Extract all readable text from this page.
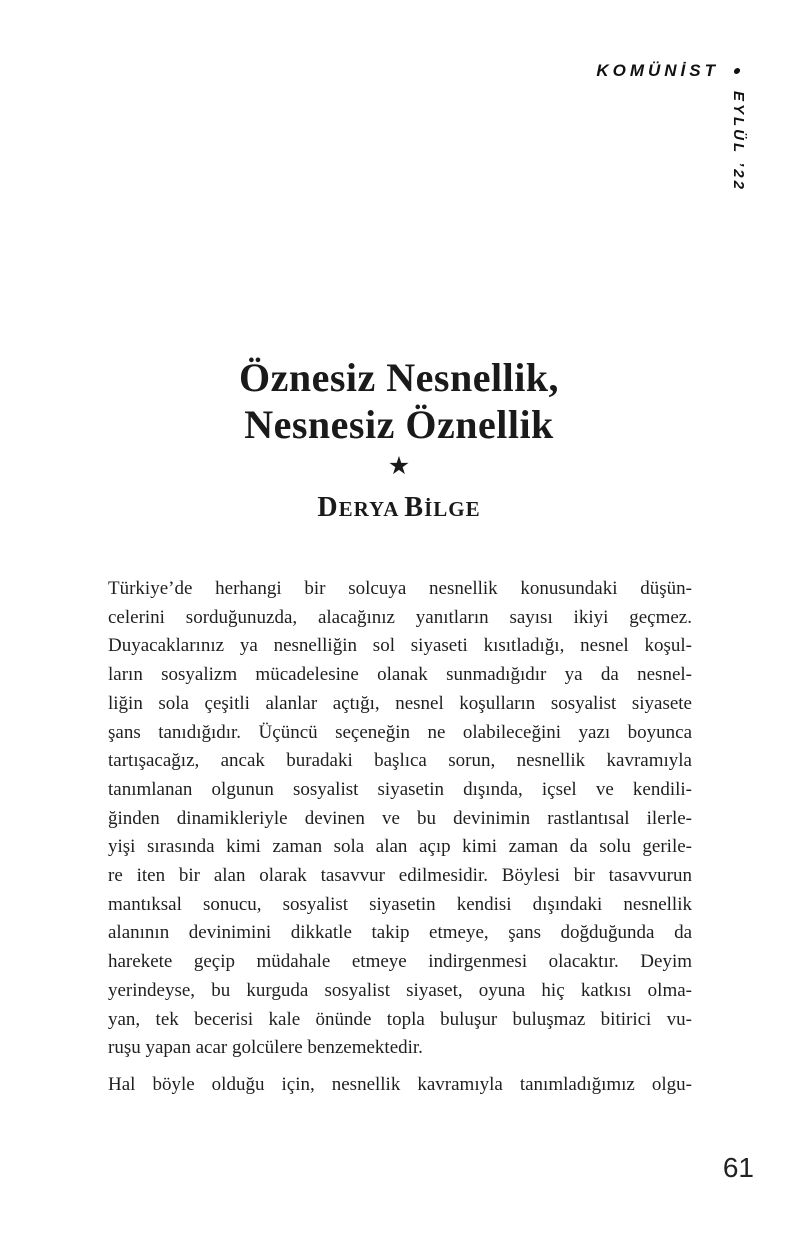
KOMÜNİST
EYLÜL ’22
Öznesiz Nesnellik,
Nesnesiz Öznellik
★
DERYA BİLGE
Türkiye’de herhangi bir solcuya nesnellik konusundaki düşün-
celerini sorduğunuzda, alacağınız yanıtların sayısı ikiyi geçmez.
Duyacaklarınız ya nesnelliğin sol siyaseti kısıtladığı, nesnel koşul-
ların sosyalizm mücadelesine olanak sunmadığıdır ya da nesnel-
liğin sola çeşitli alanlar açtığı, nesnel koşulların sosyalist siyasete
şans tanıdığıdır. Üçüncü seçeneğin ne olabileceğini yazı boyunca
tartışacağız, ancak buradaki başlıca sorun, nesnellik kavramıyla
tanımlanan olgunun sosyalist siyasetin dışında, içsel ve kendili-
ğinden dinamikleriyle devinen ve bu devinimin rastlantısal ilerle-
yişi sırasında kimi zaman sola alan açıp kimi zaman da solu gerile-
re iten bir alan olarak tasavvur edilmesidir. Böylesi bir tasavvurun
mantıksal sonucu, sosyalist siyasetin kendisi dışındaki nesnellik
alanının devinimini dikkatle takip etmeye, şans doğduğunda da
harekete geçip müdahale etmeye indirgenmesi olacaktır. Deyim
yerindeyse, bu kurguda sosyalist siyaset, oyuna hiç katkısı olma-
yan, tek becerisi kale önünde topla buluşur buluşmaz bitirici vu-
ruşu yapan acar golcülere benzemektedir.
Hal böyle olduğu için, nesnellik kavramıyla tanımladığımız olgu-
61
